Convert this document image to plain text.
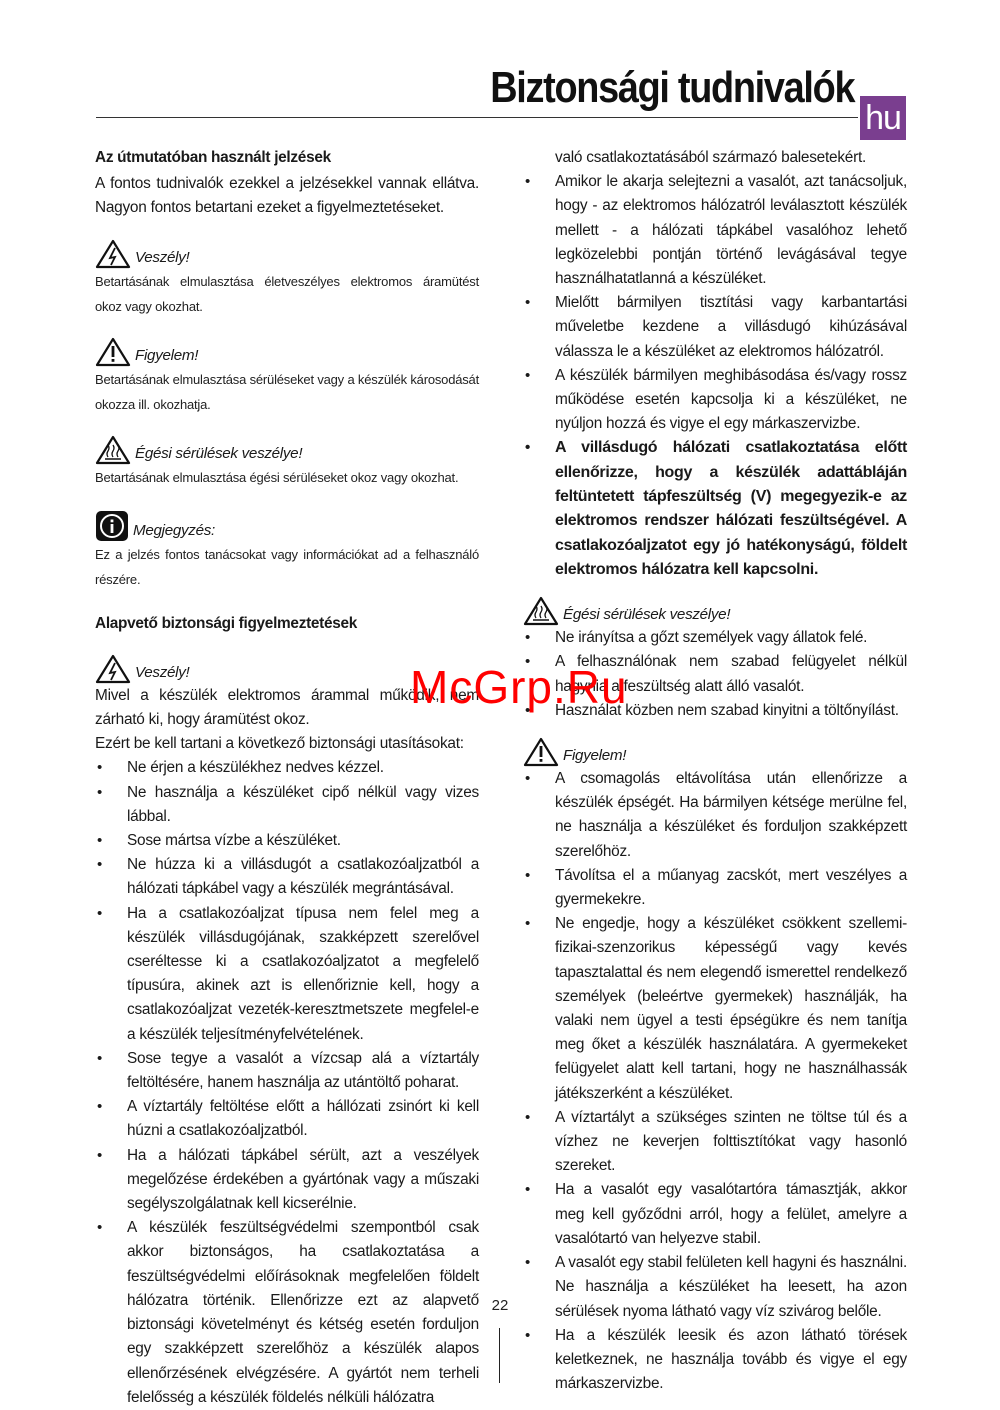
Biztonsági tudnivalók
hu
Az útmutatóban használt jelzések
A fontos tudnivalók ezekkel a jelzésekkel vannak ellátva. Nagyon fontos betartani ezeket a figyelmeztetéseket.
Veszély!
Betartásának elmulasztása életveszélyes elektromos áramütést okoz vagy okozhat.
Figyelem!
Betartásának elmulasztása sérüléseket vagy a készülék károsodását okozza ill. okozhatja.
Égési sérülések veszélye!
Betartásának elmulasztása égési sérüléseket okoz vagy okozhat.
Megjegyzés:
Ez a jelzés fontos tanácsokat vagy információkat ad a felhasználó részére.
Alapvető biztonsági figyelmeztetések
Veszély!
Mivel a készülék elektromos árammal működik, nem zárható ki, hogy áramütést okoz.
Ezért be kell tartani a következő biztonsági utasításokat:
• Ne érjen a készülékhez nedves kézzel.
• Ne használja a készüléket cipő nélkül vagy vizes lábbal.
• Sose mártsa vízbe a készüléket.
• Ne húzza ki a villásdugót a csatlakozóaljzatból a hálózati tápkábel vagy a készülék megrántásával.
• Ha a csatlakozóaljzat típusa nem felel meg a készülék villásdugójának, szakképzett szerelővel cseréltesse ki a csatlakozóaljzatot a megfelelő típusúra, akinek azt is ellenőriznie kell, hogy a csatlakozóaljzat vezeték-keresztmetszete megfelel-e a készülék teljesítményfelvételének.
• Sose tegye a vasalót a vízcsap alá a víztartály feltöltésére, hanem használja az utántöltő poharat.
• A víztartály feltöltése előtt a hállózati zsinórt ki kell húzni a csatlakozóaljzatból.
• Ha a hálózati tápkábel sérült, azt a veszélyek megelőzése érdekében a gyártónak vagy a műszaki segélyszolgálatnak kell kicserélnie.
• A készülék feszültségvédelmi szempontból csak akkor biztonságos, ha csatlakoztatása a feszültségvédelmi előírásoknak megfelelően földelt hálózatra történik. Ellenőrizze ezt az alapvető biztonsági követelményt és kétség esetén forduljon egy szakképzett szerelőhöz a készülék alapos ellenőrzésének elvégzésére. A gyártót nem terheli felelősség a készülék földelés nélküli hálózatra
való csatlakoztatásából származó balesetekért.
• Amikor le akarja selejtezni a vasalót, azt tanácsoljuk, hogy - az elektromos hálózatról leválasztott készülék mellett - a hálózati tápkábel vasalóhoz lehető legközelebbi pontján történő levágásával tegye használhatatlanná a készüléket.
• Mielőtt bármilyen tisztítási vagy karbantartási műveletbe kezdene a villásdugó kihúzásával válassza le a készüléket az elektromos hálózatról.
• A készülék bármilyen meghibásodása és/vagy rossz működése esetén kapcsolja ki a készüléket, ne nyúljon hozzá és vigye el egy márkaszervizbe.
• A villásdugó hálózati csatlakoztatása előtt ellenőrizze, hogy a készülék adattábláján feltüntetett tápfeszültség (V) megegyezik-e az elektromos rendszer hálózati feszültségével. A csatlakozóaljzatot egy jó hatékonyságú, földelt elektromos hálózatra kell kapcsolni.
Égési sérülések veszélye!
• Ne irányítsa a gőzt személyek vagy állatok felé.
• A felhasználónak nem szabad felügyelet nélkül hagynia a feszültség alatt álló vasalót.
• Használat közben nem szabad kinyitni a töltőnyílást.
Figyelem!
• A csomagolás eltávolítása után ellenőrizze a készülék épségét. Ha bármilyen kétsége merülne fel, ne használja a készüléket és forduljon szakképzett szerelőhöz.
• Távolítsa el a műanyag zacskót, mert veszélyes a gyermekekre.
• Ne engedje, hogy a készüléket csökkent szellemi-fizikai-szenzorikus képességű vagy kevés tapasztalattal és nem elegendő ismerettel rendelkező személyek (beleértve gyermekek) használják, ha valaki nem ügyel a testi épségükre és nem tanítja meg őket a készülék használatára. A gyermekeket felügyelet alatt kell tartani, hogy ne használhassák játékszerként a készüléket.
• A víztartályt a szükséges szinten ne töltse túl és a vízhez ne keverjen folttisztítókat vagy hasonló szereket.
• Ha a vasalót egy vasalótartóra támasztják, akkor meg kell győződni arról, hogy a felület, amelyre a vasalótartó van helyezve stabil.
• A vasalót egy stabil felületen kell hagyni és használni. Ne használja a készüléket ha leesett, ha azon sérülések nyoma látható vagy víz szivárog belőle.
• Ha a készülék leesik és azon látható törések keletkeznek, ne használja tovább és vigye el egy márkaszervizbe.
McGrp.Ru
22
